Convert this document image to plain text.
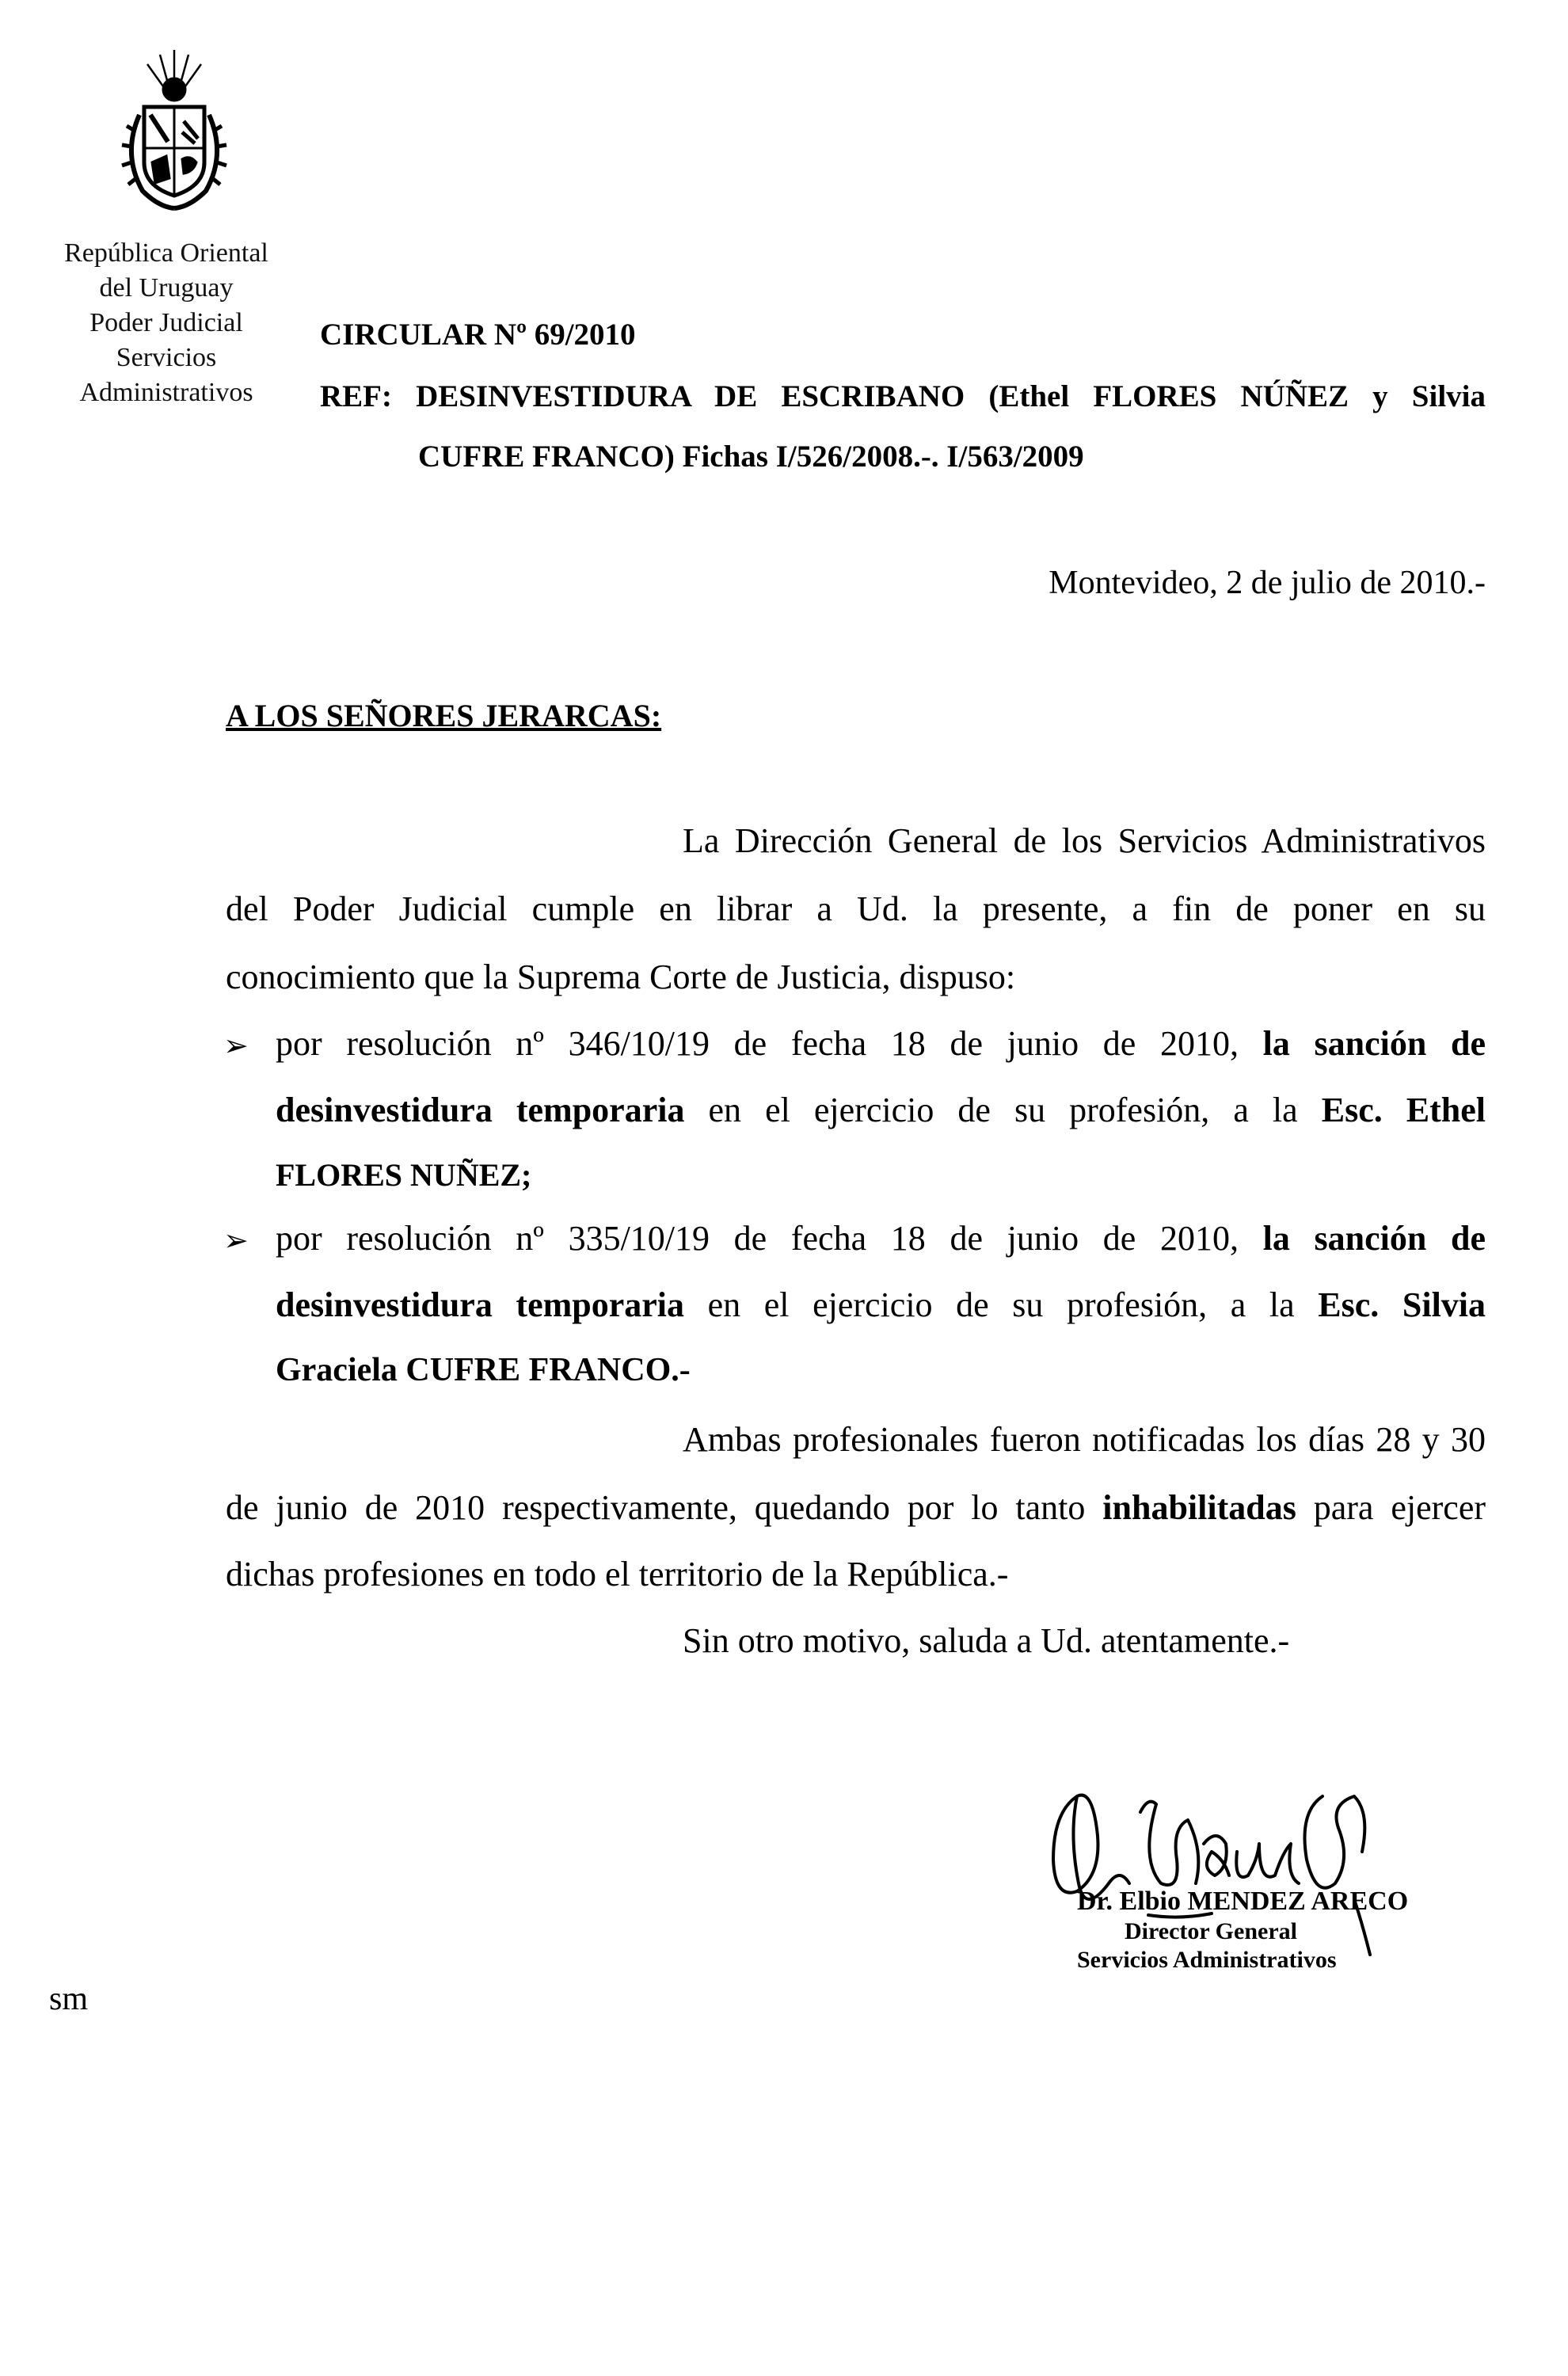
República Oriental
del Uruguay
Poder Judicial
Servicios
Administrativos
CIRCULAR Nº 69/2010
REF: DESINVESTIDURA DE ESCRIBANO (Ethel FLORES NÚÑEZ y Silvia
CUFRE FRANCO) Fichas I/526/2008.-. I/563/2009
Montevideo, 2 de julio de 2010.-
A LOS SEÑORES JERARCAS:
La Dirección General de los Servicios Administrativos
del Poder Judicial cumple en librar a Ud. la presente, a fin de poner en su
conocimiento que la Suprema Corte de Justicia, dispuso:
➢ por resolución nº 346/10/19 de fecha 18 de junio de 2010, la sanción de
desinvestidura temporaria en el ejercicio de su profesión, a la Esc. Ethel
FLORES NUÑEZ;
➢ por resolución nº 335/10/19 de fecha 18 de junio de 2010, la sanción de
desinvestidura temporaria en el ejercicio de su profesión, a la Esc. Silvia
Graciela CUFRE FRANCO.-
Ambas profesionales fueron notificadas los días 28 y 30
de junio de 2010 respectivamente, quedando por lo tanto inhabilitadas para ejercer
dichas profesiones en todo el territorio de la República.-
Sin otro motivo, saluda a Ud. atentamente.-
Dr. Elbio MENDEZ ARECO
Director General
Servicios Administrativos
sm
